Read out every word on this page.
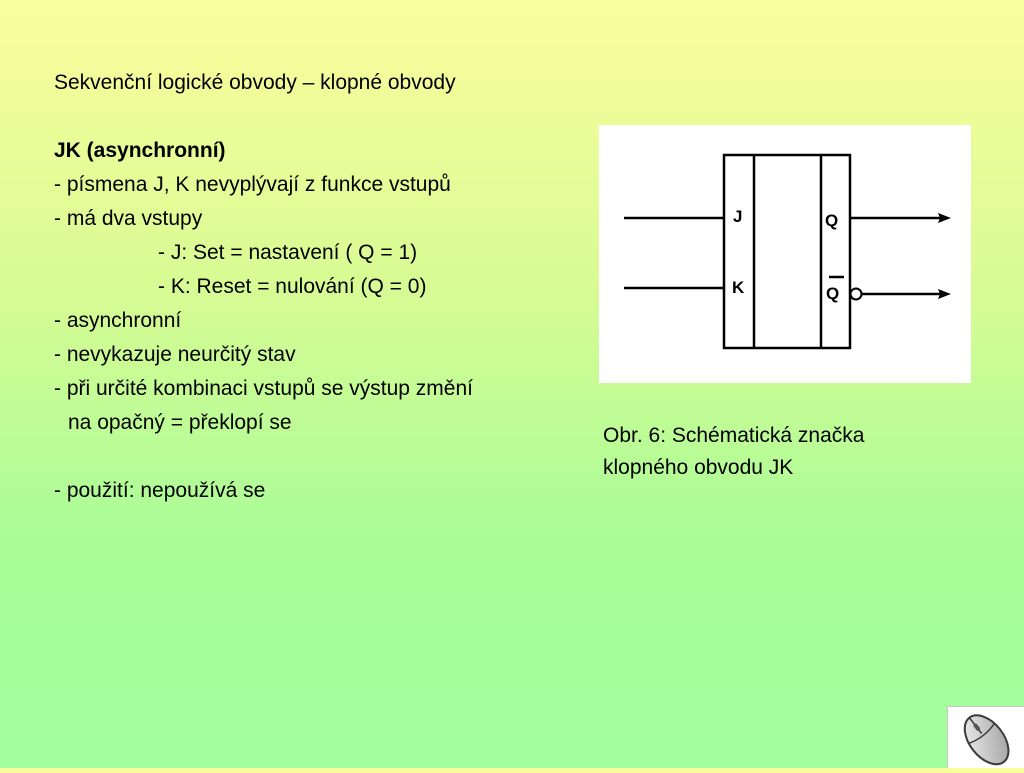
Sekvenční logické obvody – klopné obvody
JK (asynchronní)
- písmena J, K nevyplývají z funkce vstupů
- má dva vstupy
- J: Set = nastavení ( Q = 1)
- K: Reset = nulování (Q = 0)
- asynchronní
- nevykazuje neurčitý stav
- při určité kombinaci vstupů se výstup změní
na opačný = překlopí se
- použití: nepoužívá se
J
K
Q
Q
Obr. 6: Schématická značka
klopného obvodu JK
